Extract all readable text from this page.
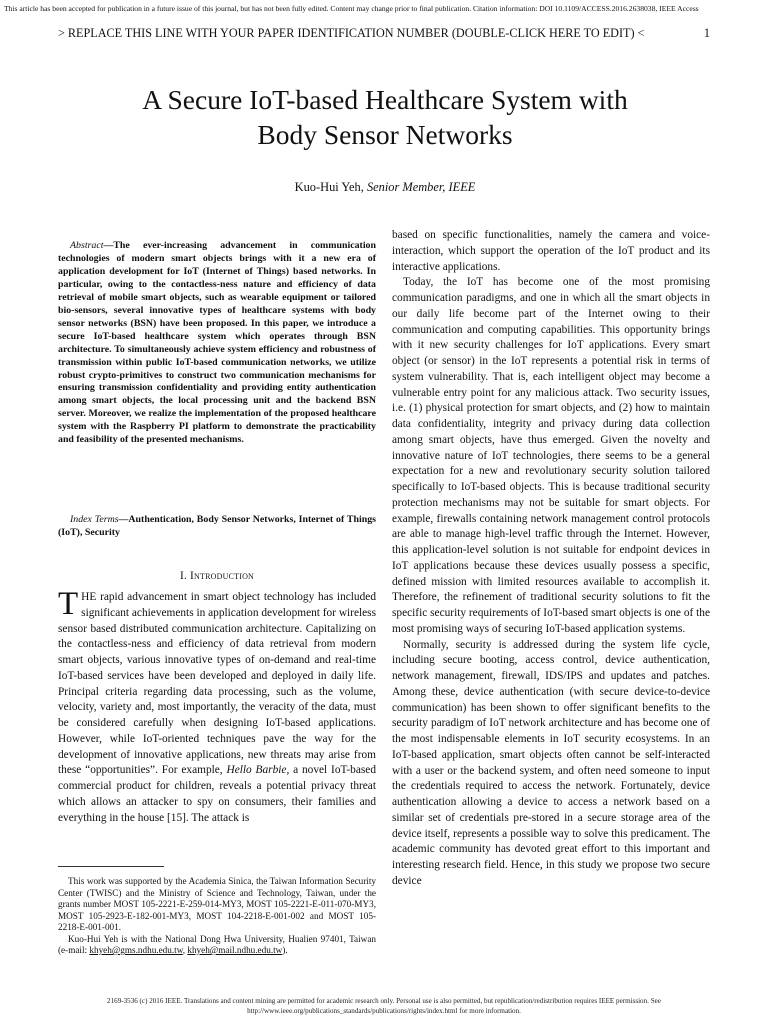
This article has been accepted for publication in a future issue of this journal, but has not been fully edited. Content may change prior to final publication. Citation information: DOI 10.1109/ACCESS.2016.2638038, IEEE Access
> REPLACE THIS LINE WITH YOUR PAPER IDENTIFICATION NUMBER (DOUBLE-CLICK HERE TO EDIT) <	1
A Secure IoT-based Healthcare System with
Body Sensor Networks
Kuo-Hui Yeh, Senior Member, IEEE
Abstract—The ever-increasing advancement in communication technologies of modern smart objects brings with it a new era of application development for IoT (Internet of Things) based networks. In particular, owing to the contactless-ness nature and efficiency of data retrieval of mobile smart objects, such as wearable equipment or tailored bio-sensors, several innovative types of healthcare systems with body sensor networks (BSN) have been proposed. In this paper, we introduce a secure IoT-based healthcare system which operates through BSN architecture. To simultaneously achieve system efficiency and robustness of transmission within public IoT-based communication networks, we utilize robust crypto-primitives to construct two communication mechanisms for ensuring transmission confidentiality and providing entity authentication among smart objects, the local processing unit and the backend BSN server. Moreover, we realize the implementation of the proposed healthcare system with the Raspberry PI platform to demonstrate the practicability and feasibility of the presented mechanisms.
Index Terms—Authentication, Body Sensor Networks, Internet of Things (IoT), Security
I. Introduction
THE rapid advancement in smart object technology has included significant achievements in application development for wireless sensor based distributed communication architecture. Capitalizing on the contactless-ness and efficiency of data retrieval from modern smart objects, various innovative types of on-demand and real-time IoT-based services have been developed and deployed in daily life. Principal criteria regarding data processing, such as the volume, velocity, variety and, most importantly, the veracity of the data, must be considered carefully when designing IoT-based applications. However, while IoT-oriented techniques pave the way for the development of innovative applications, new threats may arise from these “opportunities”. For example, Hello Barbie, a novel IoT-based commercial product for children, reveals a potential privacy threat which allows an attacker to spy on consumers, their families and everything in the house [15]. The attack is

This work was supported by the Academia Sinica, the Taiwan Information Security Center (TWISC) and the Ministry of Science and Technology, Taiwan, under the grants number MOST 105-2221-E-259-014-MY3, MOST 105-2221-E-011-070-MY3, MOST 105-2923-E-182-001-MY3, MOST 104-2218-E-001-002 and MOST 105-2218-E-001-001.

Kuo-Hui Yeh is with the National Dong Hwa University, Hualien 97401, Taiwan (e-mail: khyeh@gms.ndhu.edu.tw, khyeh@mail.ndhu.edu.tw).

based on specific functionalities, namely the camera and voice-interaction, which support the operation of the IoT product and its interactive applications.

Today, the IoT has become one of the most promising communication paradigms, and one in which all the smart objects in our daily life become part of the Internet owing to their communication and computing capabilities. This opportunity brings with it new security challenges for IoT applications. Every smart object (or sensor) in the IoT represents a potential risk in terms of system vulnerability. That is, each intelligent object may become a vulnerable entry point for any malicious attack. Two security issues, i.e. (1) physical protection for smart objects, and (2) how to maintain data confidentiality, integrity and privacy during data collection among smart objects, have thus emerged. Given the novelty and innovative nature of IoT technologies, there seems to be a general expectation for a new and revolutionary security solution tailored specifically to IoT-based objects. This is because traditional security protection mechanisms may not be suitable for smart objects. For example, firewalls containing network management control protocols are able to manage high-level traffic through the Internet. However, this application-level solution is not suitable for endpoint devices in IoT applications because these devices usually possess a specific, defined mission with limited resources available to accomplish it. Therefore, the refinement of traditional security solutions to fit the specific security requirements of IoT-based smart objects is one of the most promising ways of securing IoT-based application systems.

Normally, security is addressed during the system life cycle, including secure booting, access control, device authentication, network management, firewall, IDS/IPS and updates and patches. Among these, device authentication (with secure device-to-device communication) has been shown to offer significant benefits to the security paradigm of IoT network architecture and has become one of the most indispensable elements in IoT security ecosystems. In an IoT-based application, smart objects often cannot be self-interacted with a user or the backend system, and often need someone to input the credentials required to access the network. Fortunately, device authentication allowing a device to access a network based on a similar set of credentials pre-stored in a secure storage area of the device itself, represents a possible way to solve this predicament. The academic community has devoted great effort to this important and interesting research field. Hence, in this study we propose two secure device

2169-3536 (c) 2016 IEEE. Translations and content mining are permitted for academic research only. Personal use is also permitted, but republication/redistribution requires IEEE permission. See
http://www.ieee.org/publications_standards/publications/rights/index.html for more information.
